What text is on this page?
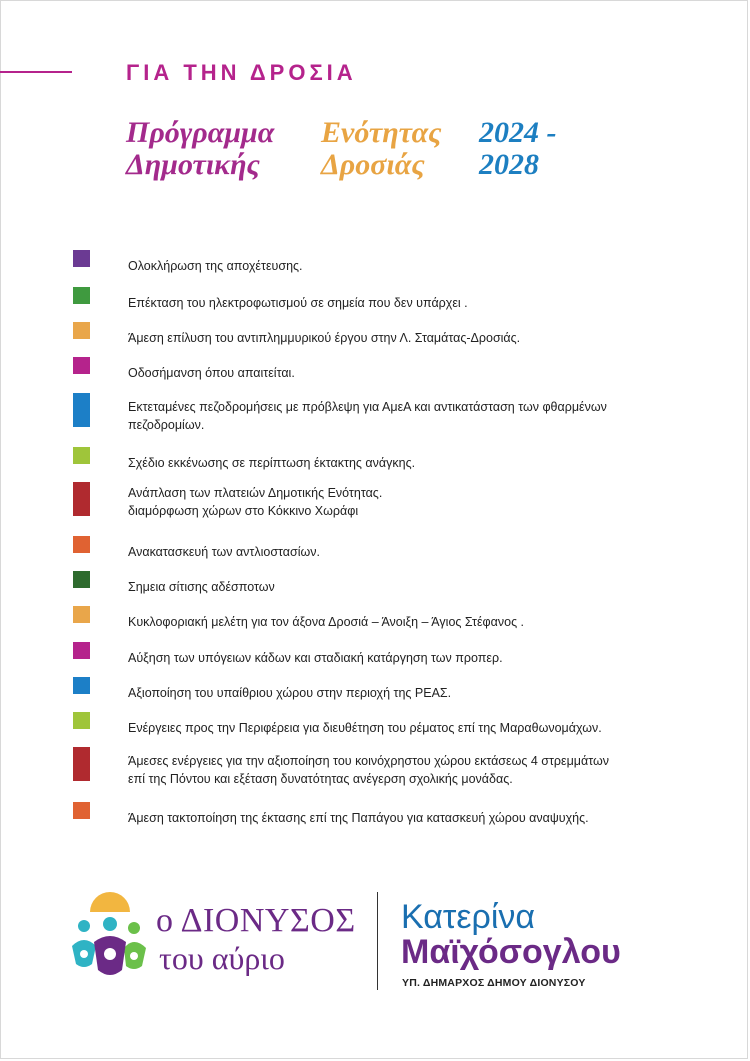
ΓΙΑ ΤΗΝ ΔΡΟΣΙΑ
Πρόγραμμα
Δημοτικής
Ενότητας
Δροσιάς
2024 -
2028
Ολοκλήρωση της αποχέτευσης.
Επέκταση του ηλεκτροφωτισμού σε σημεία που δεν υπάρχει .
Άμεση επίλυση του αντιπλημμυρικού έργου στην Λ. Σταμάτας-Δροσιάς.
Οδοσήμανση όπου απαιτείται.
Εκτεταμένες πεζοδρομήσεις με πρόβλεψη για ΑμεΑ και αντικατάσταση των φθαρμένων
πεζοδρομίων.
Σχέδιο εκκένωσης σε περίπτωση έκτακτης ανάγκης.
Ανάπλαση των πλατειών Δημοτικής Ενότητας.
διαμόρφωση χώρων στο Κόκκινο Χωράφι
Ανακατασκευή των αντλιοστασίων.
Σημεια σίτισης αδέσποτων
Κυκλοφοριακή μελέτη για τον άξονα Δροσιά – Άνοιξη – Άγιος Στέφανος .
Αύξηση των υπόγειων κάδων και σταδιακή κατάργηση των προπερ.
Αξιοποίηση του υπαίθριου χώρου στην περιοχή της ΡΕΑΣ.
Ενέργειες προς την Περιφέρεια για διευθέτηση του ρέματος επί της Μαραθωνομάχων.
Άμεσες ενέργειες για την αξιοποίηση του κοινόχρηστου χώρου εκτάσεως 4 στρεμμάτων
επί της Πόντου και εξέταση δυνατότητας ανέγερση σχολικής μονάδας.
Άμεση τακτοποίηση της έκτασης επί της Παπάγου για κατασκευή χώρου αναψυχής.
ο ΔΙΟΝΥΣΟΣ
του αύριο
Κατερίνα
Μαϊχόσογλου
ΥΠ. ΔΗΜΑΡΧΟΣ ΔΗΜΟΥ ΔΙΟΝΥΣΟΥ
